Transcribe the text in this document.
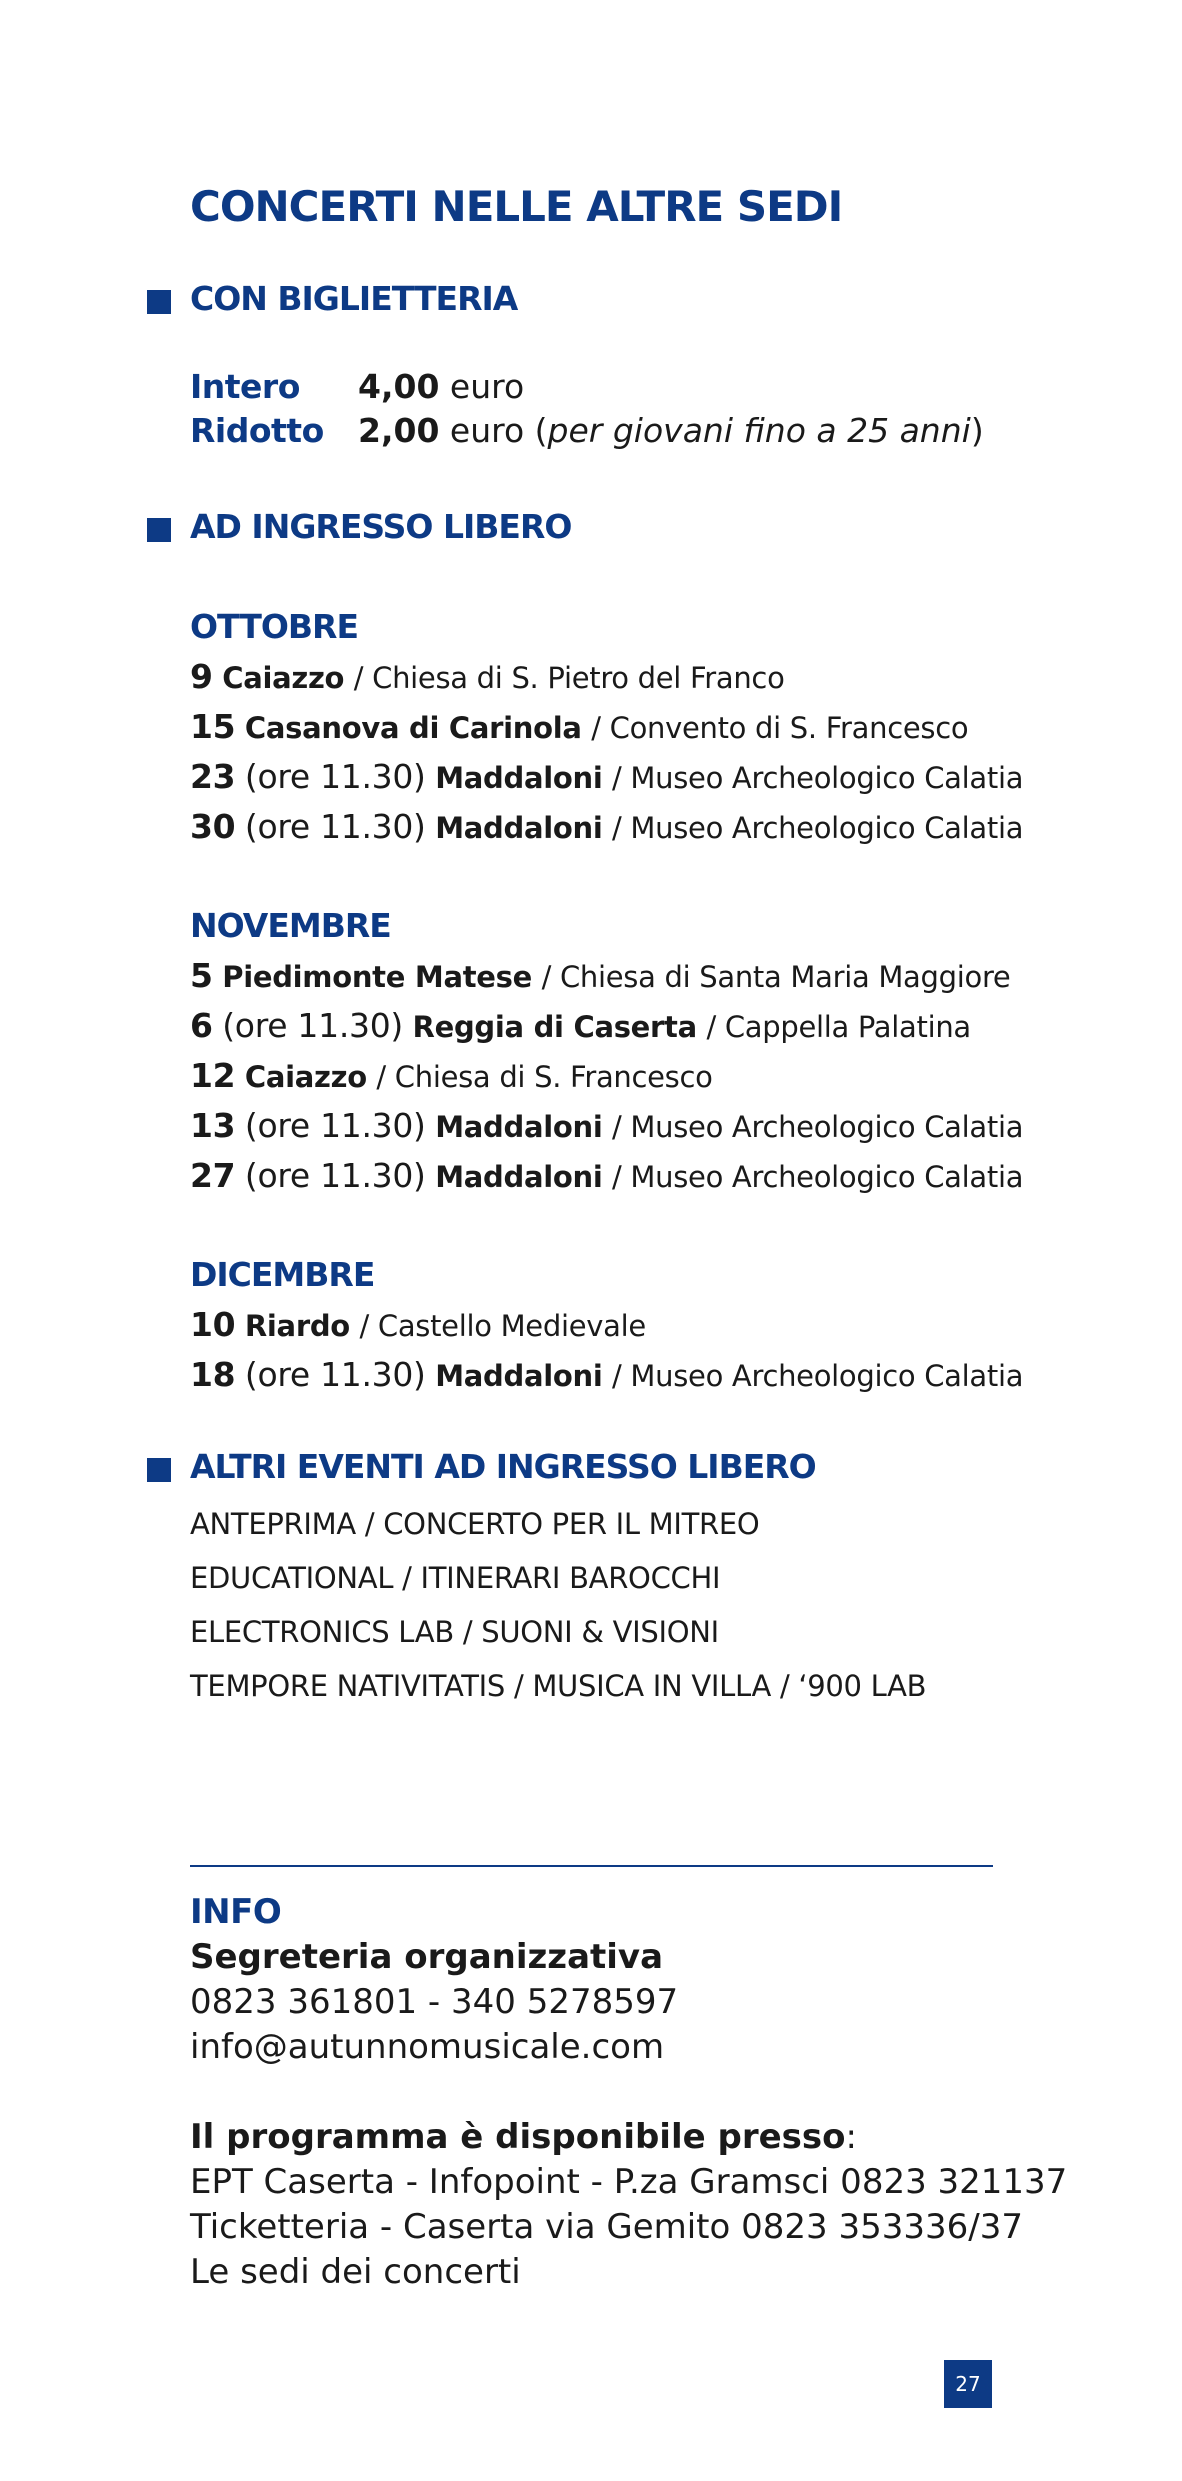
CONCERTI NELLE ALTRE SEDI
CON BIGLIETTERIA
Intero 4,00 euro
Ridotto 2,00 euro (per giovani fino a 25 anni)
AD INGRESSO LIBERO
OTTOBRE
9 Caiazzo / Chiesa di S. Pietro del Franco
15 Casanova di Carinola / Convento di S. Francesco
23 (ore 11.30) Maddaloni / Museo Archeologico Calatia
30 (ore 11.30) Maddaloni / Museo Archeologico Calatia
NOVEMBRE
5 Piedimonte Matese / Chiesa di Santa Maria Maggiore
6 (ore 11.30) Reggia di Caserta / Cappella Palatina
12 Caiazzo / Chiesa di S. Francesco
13 (ore 11.30) Maddaloni / Museo Archeologico Calatia
27 (ore 11.30) Maddaloni / Museo Archeologico Calatia
DICEMBRE
10 Riardo / Castello Medievale
18 (ore 11.30) Maddaloni / Museo Archeologico Calatia
ALTRI EVENTI AD INGRESSO LIBERO
ANTEPRIMA / CONCERTO PER IL MITREO
EDUCATIONAL / ITINERARI BAROCCHI
ELECTRONICS LAB / SUONI & VISIONI
TEMPORE NATIVITATIS / MUSICA IN VILLA / ‘900 LAB
INFO
Segreteria organizzativa
0823 361801 - 340 5278597
info@autunnomusicale.com
Il programma è disponibile presso:
EPT Caserta - Infopoint - P.za Gramsci 0823 321137
Ticketteria - Caserta via Gemito 0823 353336/37
Le sedi dei concerti
27
